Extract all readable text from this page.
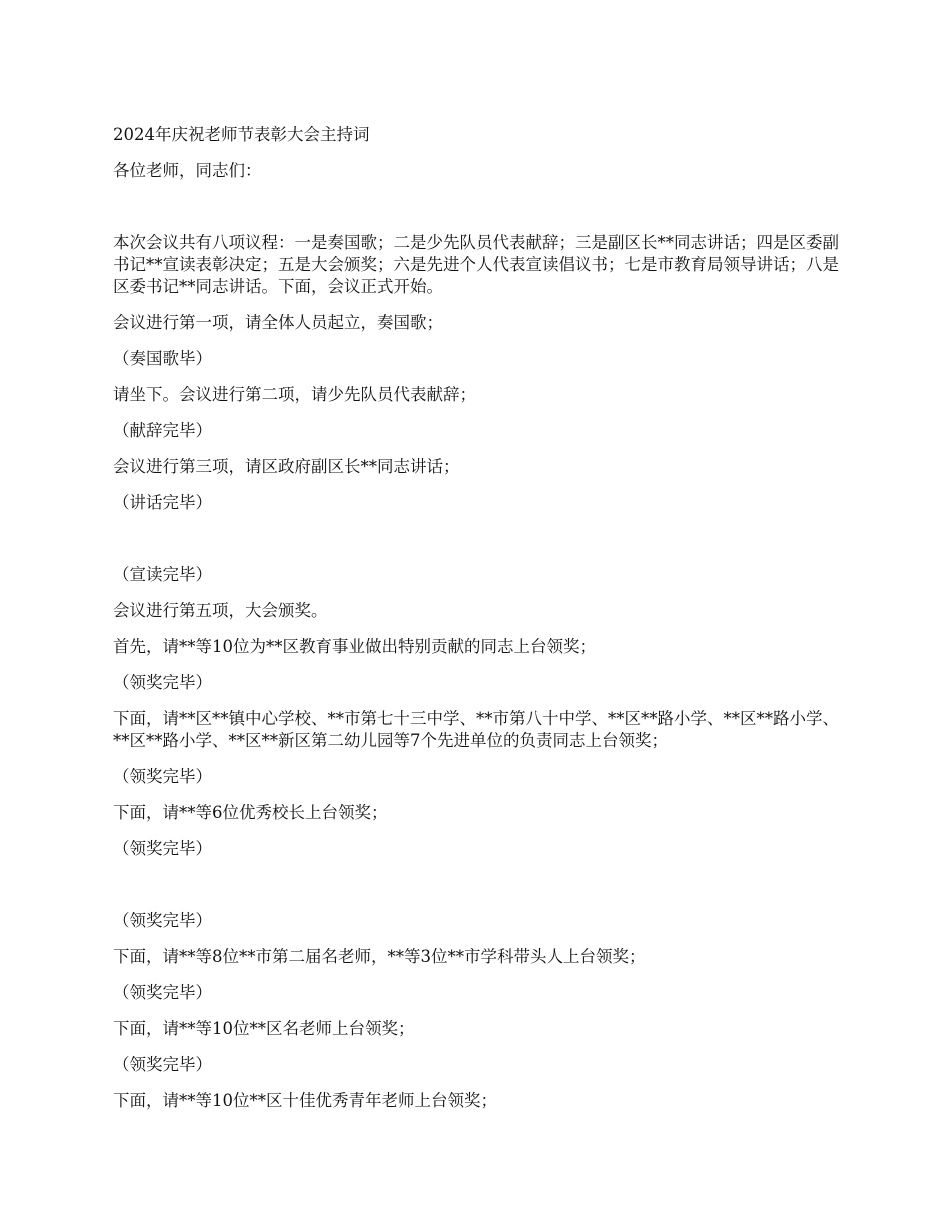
2024年庆祝老师节表彰大会主持词

各位老师，同志们：

本次会议共有八项议程：一是奏国歌；二是少先队员代表献辞；三是副区长**同志讲话；四是区委副书记**宣读表彰决定；五是大会颁奖；六是先进个人代表宣读倡议书；七是市教育局领导讲话；八是区委书记**同志讲话。下面，会议正式开始。

会议进行第一项，请全体人员起立，奏国歌；

（奏国歌毕）

请坐下。会议进行第二项，请少先队员代表献辞；

（献辞完毕）

会议进行第三项，请区政府副区长**同志讲话；

（讲话完毕）

（宣读完毕）

会议进行第五项，大会颁奖。

首先，请**等10位为**区教育事业做出特别贡献的同志上台领奖；

（领奖完毕）

下面，请**区**镇中心学校、**市第七十三中学、**市第八十中学、**区**路小学、**区**路小学、**区**路小学、**区**新区第二幼儿园等7个先进单位的负责同志上台领奖；

（领奖完毕）

下面，请**等6位优秀校长上台领奖；

（领奖完毕）

（领奖完毕）

下面，请**等8位**市第二届名老师，**等3位**市学科带头人上台领奖；

（领奖完毕）

下面，请**等10位**区名老师上台领奖；

（领奖完毕）

下面，请**等10位**区十佳优秀青年老师上台领奖；
